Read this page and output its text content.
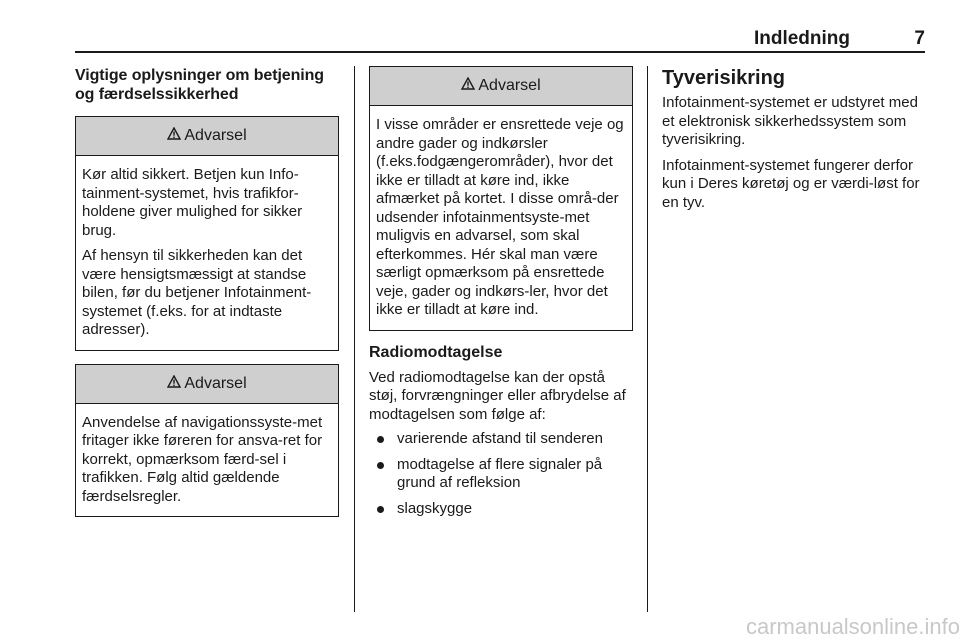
Indledning	7
Vigtige oplysninger om betjening og færdselssikkerhed
Advarsel

Kør altid sikkert. Betjen kun Info-tainment-systemet, hvis trafikfor-holdene giver mulighed for sikker brug.

Af hensyn til sikkerheden kan det være hensigtsmæssigt at standse bilen, før du betjener Infotainment-systemet (f.eks. for at indtaste adresser).

Advarsel

Anvendelse af navigationssyste-met fritager ikke føreren for ansva-ret for korrekt, opmærksom færd-sel i trafikken. Følg altid gældende færdselsregler.

Advarsel

I visse områder er ensrettede veje og andre gader og indkørsler (f.eks.fodgængerområder), hvor det ikke er tilladt at køre ind, ikke afmærket på kortet. I disse områ-der udsender infotainmentsyste-met muligvis en advarsel, som skal efterkommes. Hér skal man være særligt opmærksom på ensrettede veje, gader og indkørs-ler, hvor det ikke er tilladt at køre ind.

Radiomodtagelse

Ved radiomodtagelse kan der opstå støj, forvrængninger eller afbrydelse af modtagelsen som følge af:

varierende afstand til senderen
modtagelse af flere signaler på grund af refleksion
slagskygge
Tyverisikring

Infotainment-systemet er udstyret med et elektronisk sikkerhedssystem som tyverisikring.

Infotainment-systemet fungerer derfor kun i Deres køretøj og er værdi-løst for en tyv.

carmanualsonline.info
